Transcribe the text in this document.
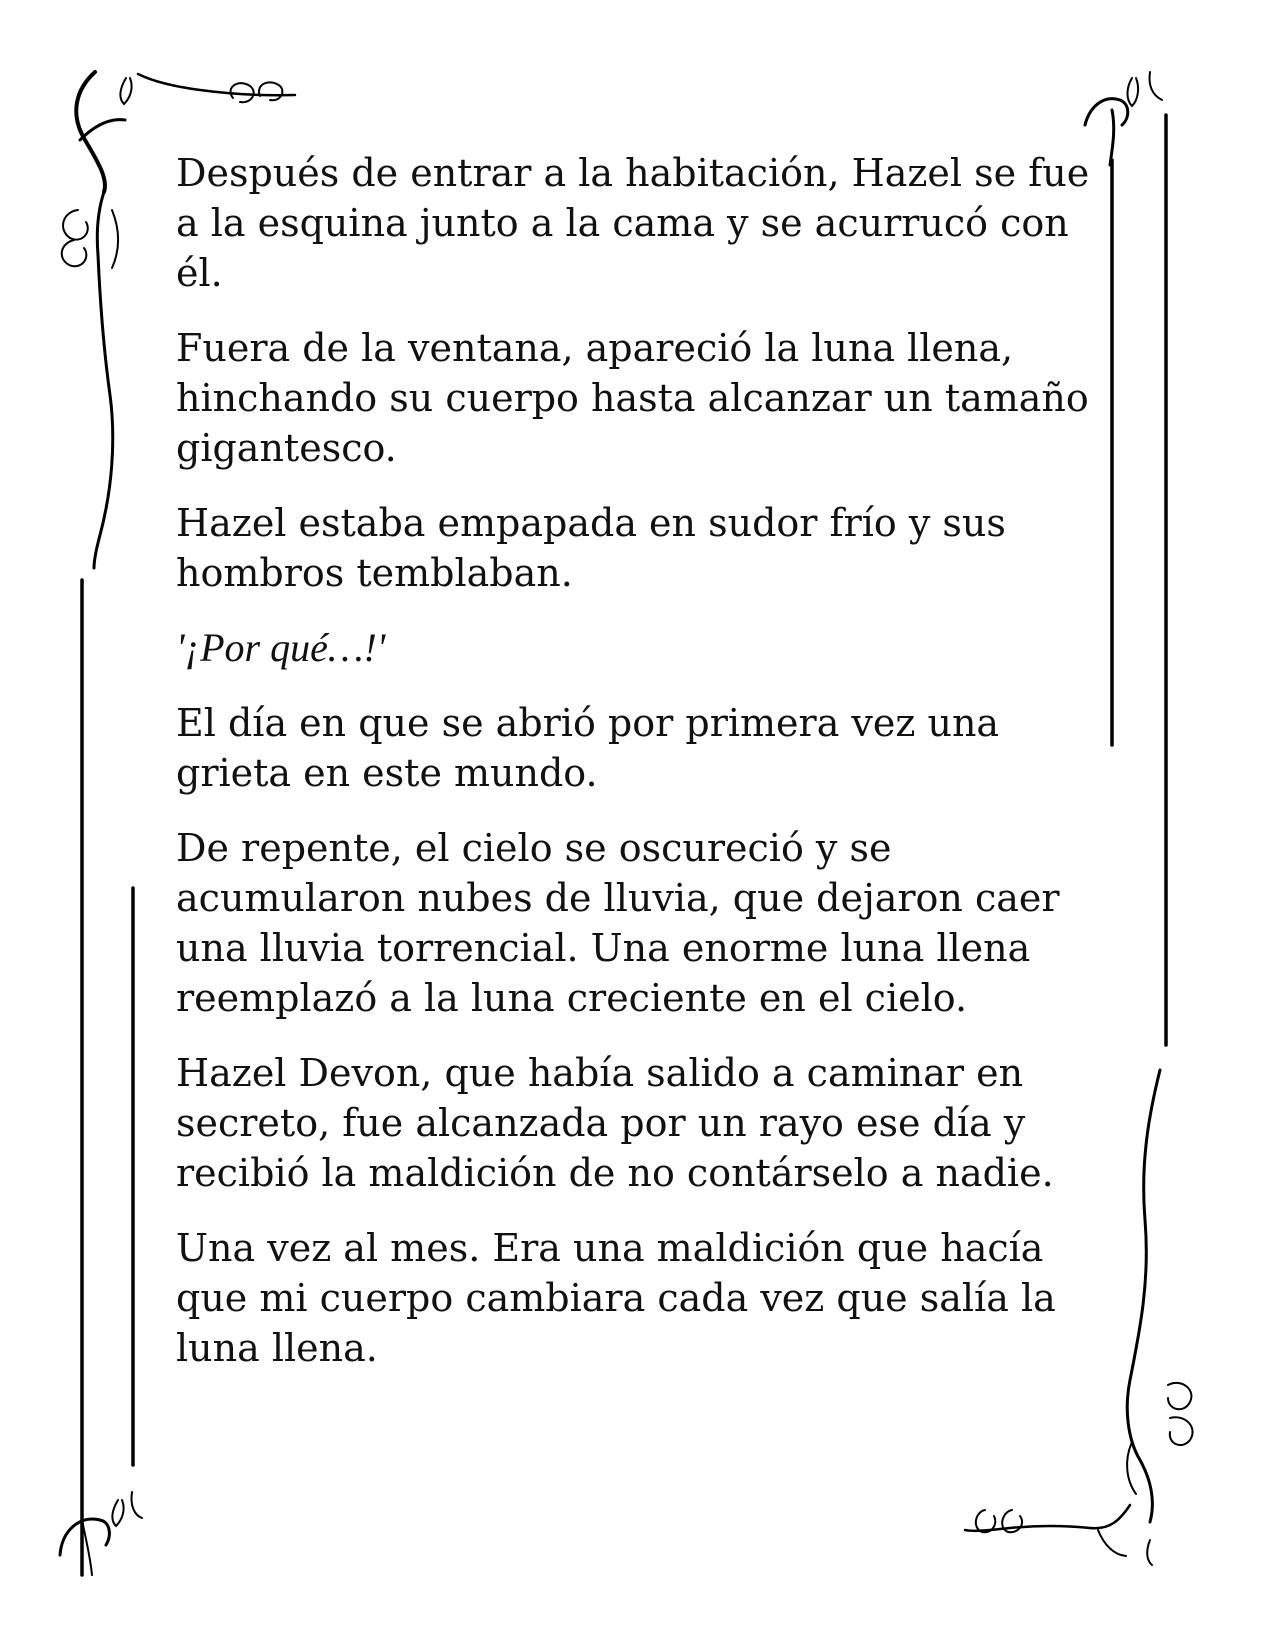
Después de entrar a la habitación, Hazel se fue
a la esquina junto a la cama y se acurrucó con
él.

Fuera de la ventana, apareció la luna llena,
hinchando su cuerpo hasta alcanzar un tamaño
gigantesco.

Hazel estaba empapada en sudor frío y sus
hombros temblaban.

'¡Por qué…!'

El día en que se abrió por primera vez una
grieta en este mundo.

De repente, el cielo se oscureció y se
acumularon nubes de lluvia, que dejaron caer
una lluvia torrencial. Una enorme luna llena
reemplazó a la luna creciente en el cielo.

Hazel Devon, que había salido a caminar en
secreto, fue alcanzada por un rayo ese día y
recibió la maldición de no contárselo a nadie.

Una vez al mes. Era una maldición que hacía
que mi cuerpo cambiara cada vez que salía la
luna llena.
